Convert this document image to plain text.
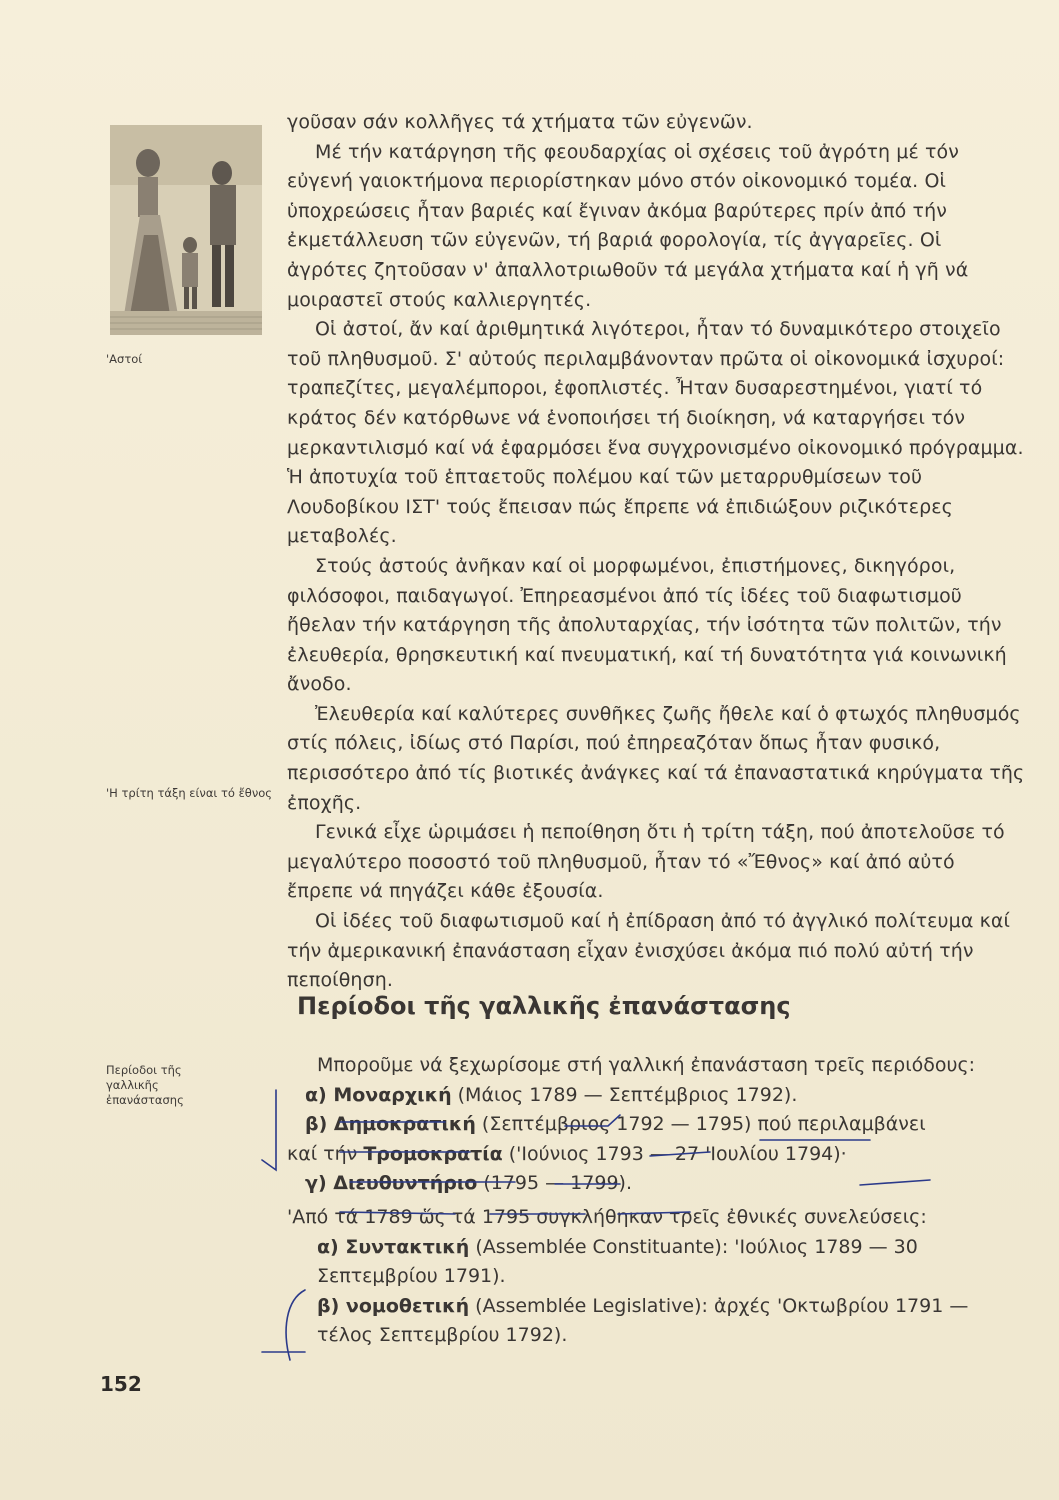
'Αστοί
'Η τρίτη τάξη είναι τό ἔθνος
Περίοδοι τῆς γαλλικῆς ἐπανάστασης
152

γοῦσαν σάν κολλῆγες τά χτήματα τῶν εὐγενῶν.

Μέ τήν κατάργηση τῆς φεουδαρχίας οἱ σχέσεις τοῦ ἀγρότη μέ τόν εὐγενή γαιοκτήμονα περιορίστηκαν μόνο στόν οἰκονομικό τομέα. Οἱ ὑποχρεώσεις ἦταν βαριές καί ἔγιναν ἀκόμα βαρύτερες πρίν ἀπό τήν ἐκμετάλλευση τῶν εὐγενῶν, τή βαριά φορολογία, τίς ἀγγαρεῖες. Οἱ ἀγρότες ζητοῦσαν ν' ἀπαλλοτριωθοῦν τά μεγάλα χτήματα καί ἡ γῆ νά μοιραστεῖ στούς καλλιεργητές.

Οἱ ἀστοί, ἄν καί ἀριθμητικά λιγότεροι, ἦταν τό δυναμικότερο στοιχεῖο τοῦ πληθυσμοῦ. Σ' αὐτούς περιλαμβάνονταν πρῶτα οἱ οἰκονομικά ἰσχυροί: τραπεζίτες, μεγαλέμποροι, ἐφοπλιστές. Ἦταν δυσαρεστημένοι, γιατί τό κράτος δέν κατόρθωνε νά ἑνοποιήσει τή διοίκηση, νά καταργήσει τόν μερκαντιλισμό καί νά ἐφαρμόσει ἕνα συγχρονισμένο οἰκονομικό πρόγραμμα. Ἡ ἀποτυχία τοῦ ἑπταετοῦς πολέμου καί τῶν μεταρρυθμίσεων τοῦ Λουδοβίκου ΙΣΤ' τούς ἔπεισαν πώς ἔπρεπε νά ἐπιδιώξουν ριζικότερες μεταβολές.

Στούς ἀστούς ἀνῆκαν καί οἱ μορφωμένοι, ἐπιστήμονες, δικηγόροι, φιλόσοφοι, παιδαγωγοί. Ἐπηρεασμένοι ἀπό τίς ἰδέες τοῦ διαφωτισμοῦ ἤθελαν τήν κατάργηση τῆς ἀπολυταρχίας, τήν ἰσότητα τῶν πολιτῶν, τήν ἐλευθερία, θρησκευτική καί πνευματική, καί τή δυνατότητα γιά κοινωνική ἄνοδο.

Ἐλευθερία καί καλύτερες συνθῆκες ζωῆς ἤθελε καί ὁ φτωχός πληθυσμός στίς πόλεις, ἰδίως στό Παρίσι, πού ἐπηρεαζόταν ὅπως ἦταν φυσικό, περισσότερο ἀπό τίς βιοτικές ἀνάγκες καί τά ἐπαναστατικά κηρύγματα τῆς ἐποχῆς.

Γενικά εἶχε ὡριμάσει ἡ πεποίθηση ὅτι ἡ τρίτη τάξη, πού ἀποτελοῦσε τό μεγαλύτερο ποσοστό τοῦ πληθυσμοῦ, ἦταν τό «Ἔθνος» καί ἀπό αὐτό ἔπρεπε νά πηγάζει κάθε ἐξουσία.

Οἱ ἰδέες τοῦ διαφωτισμοῦ καί ἡ ἐπίδραση ἀπό τό ἀγγλικό πολίτευμα καί τήν ἀμερικανική ἐπανάσταση εἶχαν ἐνισχύσει ἀκόμα πιό πολύ αὐτή τήν πεποίθηση.

Περίοδοι τῆς γαλλικῆς ἐπανάστασης

Μποροῦμε νά ξεχωρίσομε στή γαλλική ἐπανάσταση τρεῖς περιόδους:

α) Μοναρχική (Μάιος 1789 — Σεπτέμβριος 1792).

β) Δημοκρατική (Σεπτέμβριος 1792 — 1795) πού περιλαμβάνει

καί τήν Τρομοκρατία ('Ιούνιος 1793 — 27 'Ιουλίου 1794)·

γ) Διευθυντήριο (1795 — 1799).

'Από τά 1789 ὥς τά 1795 συγκλήθηκαν τρεῖς ἐθνικές συνελεύσεις:

α) Συντακτική (Assemblée Constituante): 'Ιούλιος 1789 — 30 Σεπτεμβρίου 1791).

β) νομοθετική (Assemblée Legislative): ἀρχές 'Οκτωβρίου 1791 — τέλος Σεπτεμβρίου 1792).
